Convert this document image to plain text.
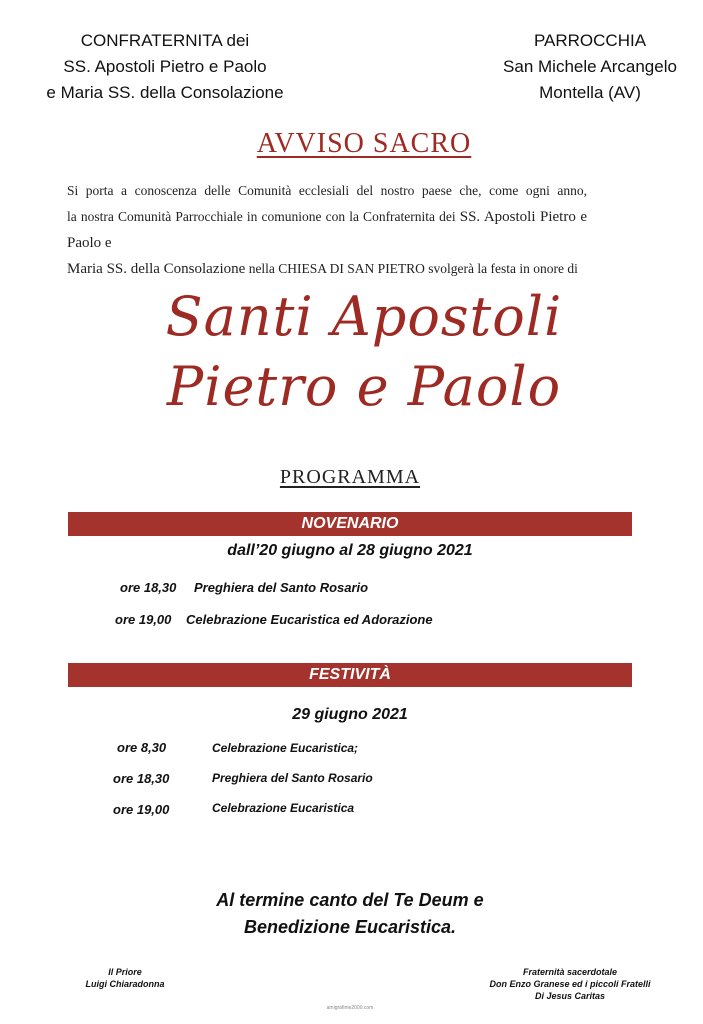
CONFRATERNITA dei
SS. Apostoli Pietro e Paolo
e Maria SS. della Consolazione
PARROCCHIA
San Michele Arcangelo
Montella (AV)
AVVISO SACRO
Si porta a conoscenza delle Comunità ecclesiali del nostro paese che, come ogni anno,
la nostra Comunità Parrocchiale in comunione con la Confraternita dei SS. Apostoli Pietro e Paolo e
Maria SS. della Consolazione nella CHIESA DI SAN PIETRO svolgerà la festa in onore di
Santi Apostoli
Pietro e Paolo
PROGRAMMA
NOVENARIO
dall’20 giugno al 28 giugno 2021
ore 18,30 Preghiera del Santo Rosario
ore 19,00 Celebrazione Eucaristica ed Adorazione
FESTIVITÀ
29 giugno 2021
ore 8,30	Celebrazione Eucaristica;
ore 18,30	Preghiera del Santo Rosario
ore 19,00	Celebrazione Eucaristica
Al termine canto del Te Deum e
Benedizione Eucaristica.
Il Priore
Luigi Chiaradonna
Fraternità sacerdotale
Don Enzo Granese ed i piccoli Fratelli
Di Jesus Caritas
amigrafime2000.com
